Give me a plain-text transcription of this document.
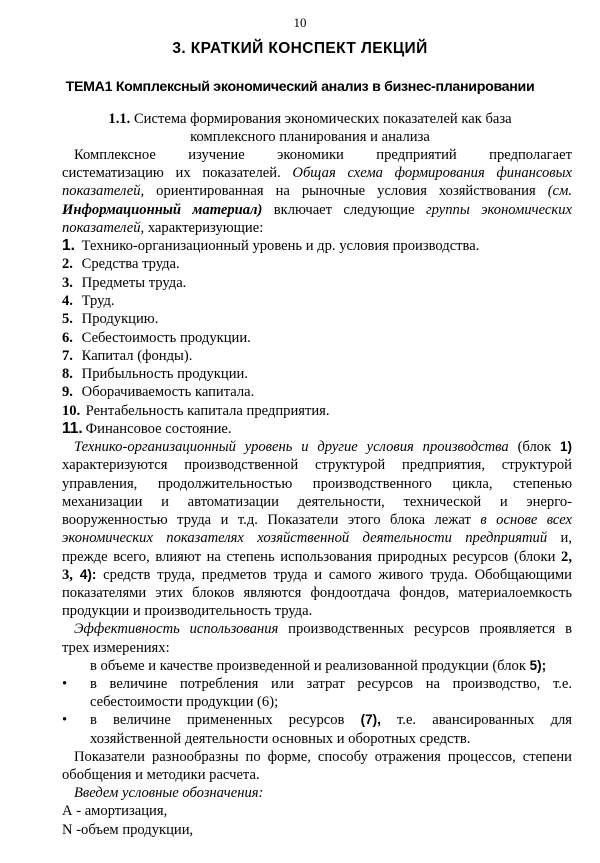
10
3. КРАТКИЙ КОНСПЕКТ ЛЕКЦИЙ
ТЕМА1 Комплексный экономический анализ в бизнес-планировании
1.1. Система формирования экономических показателей как база
комплексного планирования и анализа

Комплексное изучение экономики предприятий предполагает

систематизацию их показателей. Общая схема формирования финансовых

показателей, ориентированная на рыночные условия хозяйствования (см.

Информационный материал) включает следующие группы экономических

показателей, характеризующие:

1. Технико-организационный уровень и др. условия производства.
2. Средства труда.
3. Предметы труда.
4. Труд.
5. Продукцию.
6. Себестоимость продукции.
7. Капитал (фонды).
8. Прибыльность продукции.
9. Оборачиваемость капитала.
10. Рентабельность капитала предприятия.
11. Финансовое состояние.

Технико-организационный уровень и другие условия производства (блок 1)

характеризуются производственной структурой предприятия, структурой

управления, продолжительностью производственного цикла, степенью

механизации и автоматизации деятельности, технической и энерго-

вооруженностью труда и т.д. Показатели этого блока лежат в основе всех

экономических показателях хозяйственной деятельности предприятий и,

прежде всего, влияют на степень использования природных ресурсов (блоки 2,

3, 4): средств труда, предметов труда и самого живого труда. Обобщающими

показателями этих блоков являются фондоотдача фондов, материалоемкость

продукции и производительность труда.

Эффективность использования производственных ресурсов проявляется в

трех измерениях:

в объеме и качестве произведенной и реализованной продукции (блок 5);
•	в величине потребления или затрат ресурсов на производство, т.е.
себестоимости продукции (6);
•	в величине примененных ресурсов (7), т.е. авансированных для
хозяйственной деятельности основных и оборотных средств.

Показатели разнообразны по форме, способу отражения процессов, степени

обобщения и методики расчета.

Введем условные обозначения:

А - амортизация,

N -объем продукции,
